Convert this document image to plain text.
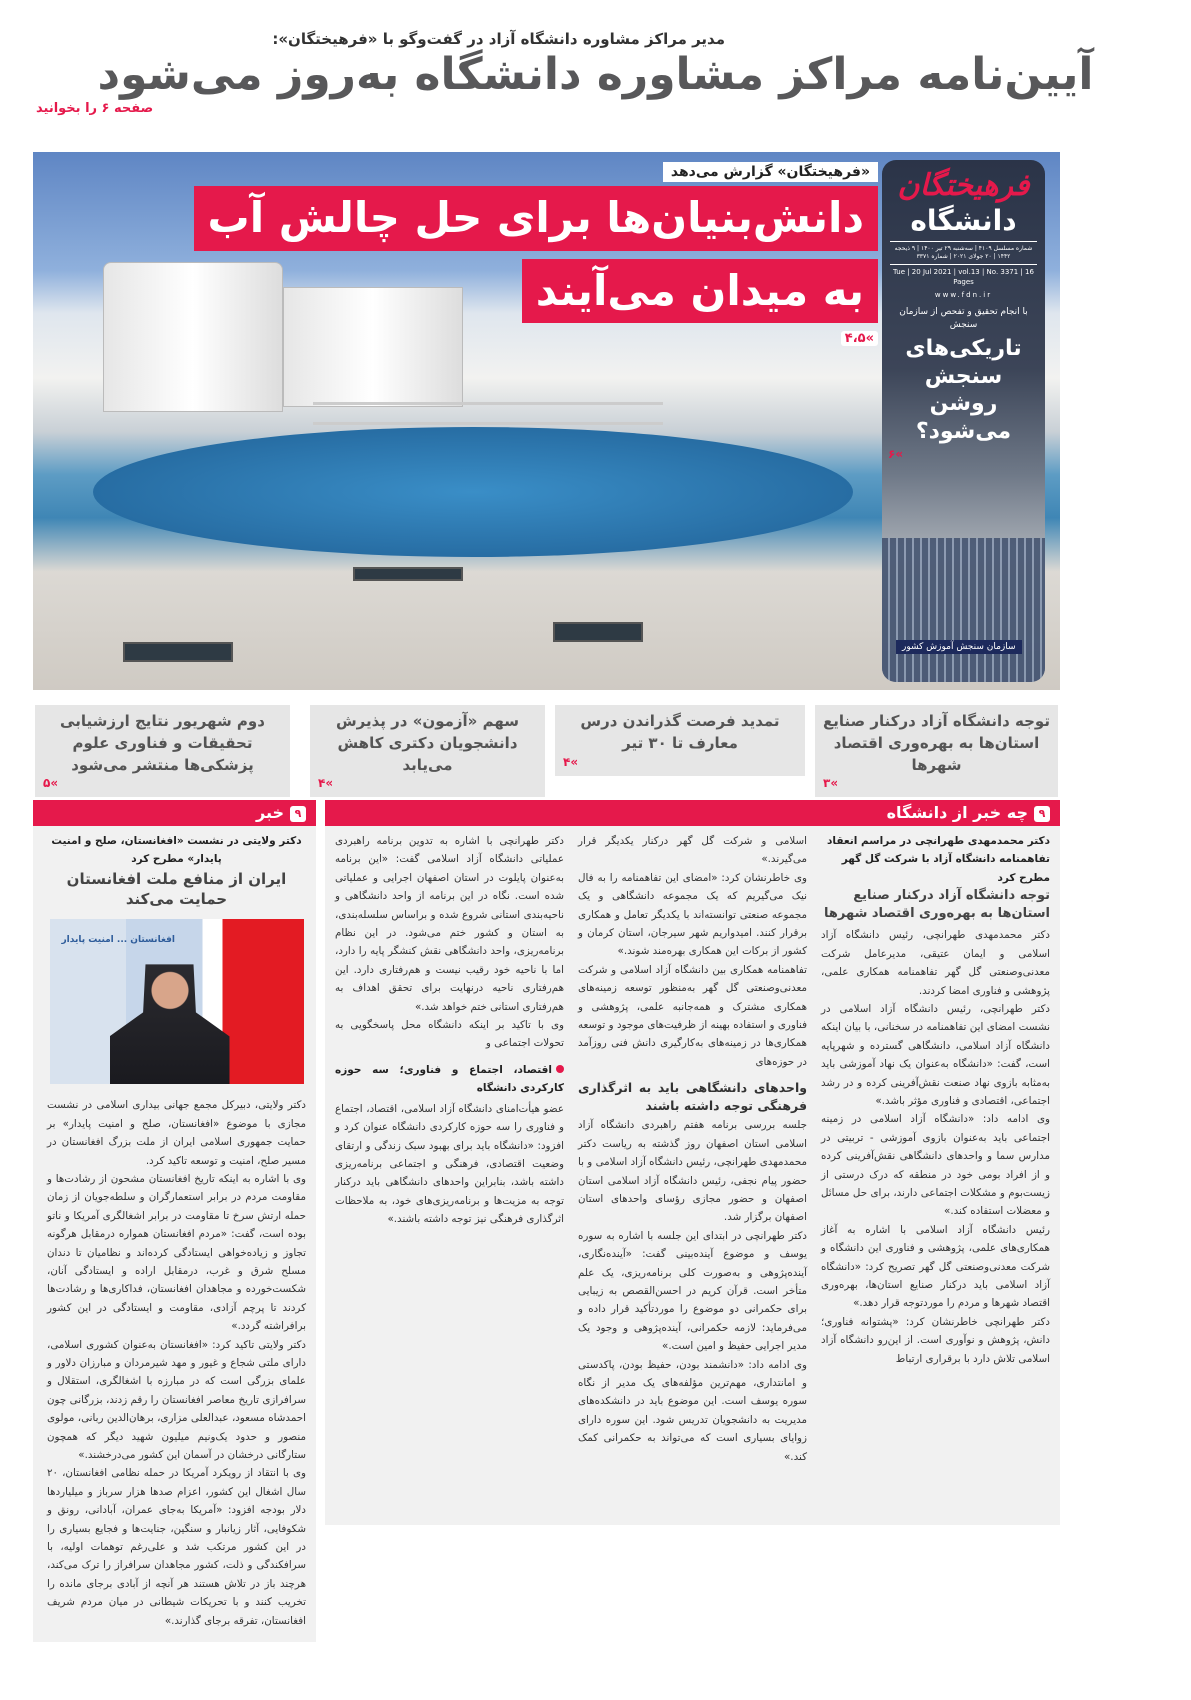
مدیر مراکز مشاوره دانشگاه آزاد در گفت‌وگو با «فرهیختگان»:
آیین‌نامه مراکز مشاوره دانشگاه به‌روز می‌شود
صفحه ۶ را بخوانید
«فرهیختگان» گزارش می‌دهد
دانش‌بنیان‌ها برای حل چالش آب
به میدان می‌آیند
»۴،۵
سازمان سنجش آموزش کشور
فرهیختگان
دانشگاه
شماره مسلسل ۴۱۰۹ | سه‌شنبه ۲۹ تیر ۱۴۰۰ | ۹ ذیحجه ۱۴۴۲ | ۲۰ جولای ۲۰۲۱ | شماره ۳۳۷۱
Tue | 20 Jul 2021 | vol.13 | No. 3371 | 16 Pages
www.fdn.ir
با انجام تحقیق و تفحص از سازمان سنجش
تاریکی‌های سنجش روشن می‌شود؟
»۶
توجه دانشگاه آزاد درکنار صنایع استان‌ها به بهره‌وری اقتصاد شهرها
»۳
تمدید فرصت گذراندن درس معارف تا ۳۰ تیر
»۴
سهم «آزمون» در پذیرش دانشجویان دکتری کاهش می‌یابد
»۴
دوم شهریور نتایج ارزشیابی تحقیقات و فناوری علوم پزشکی‌ها منتشر می‌شود
»۵
۹خبر

دکتر ولایتی در نشست «افغانستان، صلح و امنیت پایدار» مطرح کرد

ایران از منافع ملت افغانستان حمایت می‌کند

افغانستان ... امنیت پایدار

دکتر ولایتی، دبیرکل مجمع جهانی بیداری اسلامی در نشست مجازی با موضوع «افغانستان، صلح و امنیت پایدار» بر حمایت جمهوری اسلامی ایران از ملت بزرگ افغانستان در مسیر صلح، امنیت و توسعه تاکید کرد.

وی با اشاره به اینکه تاریخ افغانستان مشحون از رشادت‌ها و مقاومت مردم در برابر استعمارگران و سلطه‌جویان از زمان حمله ارتش سرخ تا مقاومت در برابر اشغالگری آمریکا و ناتو بوده است، گفت: «مردم افغانستان همواره درمقابل هرگونه تجاوز و زیاده‌خواهی ایستادگی کرده‌اند و نظامیان تا دندان مسلح شرق و غرب، درمقابل اراده و ایستادگی آنان، شکست‌خورده و مجاهدان افغانستان، فداکاری‌ها و رشادت‌ها کردند تا پرچم آزادی، مقاومت و ایستادگی در این کشور برافراشته گردد.»

دکتر ولایتی تاکید کرد: «افغانستان به‌عنوان کشوری اسلامی، دارای ملتی شجاع و غیور و مهد شیرمردان و مبارزان دلاور و علمای بزرگی است که در مبارزه با اشغالگری، استقلال و سرافرازی تاریخ معاصر افغانستان را رقم زدند، بزرگانی چون احمدشاه مسعود، عبدالعلی مزاری، برهان‌الدین ربانی، مولوی منصور و حدود یک‌ونیم میلیون شهید دیگر که همچون ستارگانی درخشان در آسمان این کشور می‌درخشند.»

وی با انتقاد از رویکرد آمریکا در حمله نظامی افغانستان، ۲۰ سال اشغال این کشور، اعزام صدها هزار سرباز و میلیاردها دلار بودجه افزود: «آمریکا به‌جای عمران، آبادانی، رونق و شکوفایی، آثار زیانبار و سنگین، جنایت‌ها و فجایع بسیاری را در این کشور مرتکب شد و علی‌رغم توهمات اولیه، با سرافکندگی و ذلت، کشور مجاهدان سرافراز را ترک می‌کند، هرچند باز در تلاش هستند هر آنچه از آبادی برجای مانده را تخریب کنند و با تحریکات شیطانی در میان مردم شریف افغانستان، تفرقه برجای گذارند.»

۹چه خبر از دانشگاه

دکتر محمدمهدی طهرانچی در مراسم انعقاد تفاهمنامه دانشگاه آزاد با شرکت گل گهر مطرح کرد

توجه دانشگاه آزاد درکنار صنایع استان‌ها به بهره‌وری اقتصاد شهرها

دکتر محمدمهدی طهرانچی، رئیس دانشگاه آزاد اسلامی و ایمان عتیقی، مدیرعامل شرکت معدنی‌وصنعتی گل گهر تفاهمنامه همکاری علمی، پژوهشی و فناوری امضا کردند.

دکتر طهرانچی، رئیس دانشگاه آزاد اسلامی در نشست امضای این تفاهمنامه در سخنانی، با بیان اینکه دانشگاه آزاد اسلامی، دانشگاهی گسترده و شهرپایه است، گفت: «دانشگاه به‌عنوان یک نهاد آموزشی باید به‌مثابه بازوی نهاد صنعت نقش‌آفرینی کرده و در رشد اجتماعی، اقتصادی و فناوری مؤثر باشد.»

وی ادامه داد: «دانشگاه آزاد اسلامی در زمینه اجتماعی باید به‌عنوان بازوی آموزشی - تربیتی در مدارس سما و واحدهای دانشگاهی نقش‌آفرینی کرده و از افراد بومی خود در منطقه که درک درستی از زیست‌بوم و مشکلات اجتماعی دارند، برای حل مسائل و معضلات استفاده کند.»

رئیس دانشگاه آزاد اسلامی با اشاره به آغاز همکاری‌های علمی، پژوهشی و فناوری این دانشگاه و شرکت معدنی‌وصنعتی گل گهر تصریح کرد: «دانشگاه آزاد اسلامی باید درکنار صنایع استان‌ها، بهره‌وری اقتصاد شهرها و مردم را موردتوجه قرار دهد.»

دکتر طهرانچی خاطرنشان کرد: «پشتوانه فناوری؛ دانش، پژوهش و نوآوری است. از این‌رو دانشگاه آزاد اسلامی تلاش دارد با برقراری ارتباط

اسلامی و شرکت گل گهر درکنار یکدیگر قرار می‌گیرند.»

وی خاطرنشان کرد: «امضای این تفاهمنامه را به فال نیک می‌گیریم که یک مجموعه دانشگاهی و یک مجموعه صنعتی توانسته‌اند با یکدیگر تعامل و همکاری برقرار کنند. امیدواریم شهر سیرجان، استان کرمان و کشور از برکات این همکاری بهره‌مند شوند.»

تفاهمنامه همکاری بین دانشگاه آزاد اسلامی و شرکت معدنی‌وصنعتی گل گهر به‌منظور توسعه زمینه‌های همکاری مشترک و همه‌جانبه علمی، پژوهشی و فناوری و استفاده بهینه از ظرفیت‌های موجود و توسعه همکاری‌ها در زمینه‌های به‌کارگیری دانش فنی روزآمد در حوزه‌های

واحدهای دانشگاهی باید به اثرگذاری فرهنگی توجه داشته باشند

جلسه بررسی برنامه هفتم راهبردی دانشگاه آزاد اسلامی استان اصفهان روز گذشته به ریاست دکتر محمدمهدی طهرانچی، رئیس دانشگاه آزاد اسلامی و با حضور پیام نجفی، رئیس دانشگاه آزاد اسلامی استان اصفهان و حضور مجازی رؤسای واحدهای استان اصفهان برگزار شد.

دکتر طهرانچی در ابتدای این جلسه با اشاره به سوره یوسف و موضوع آینده‌بینی گفت: «آینده‌نگاری، آینده‌پژوهی و به‌صورت کلی برنامه‌ریزی، یک علم متأخر است. قرآن کریم در احسن‌القصص به زیبایی برای حکمرانی دو موضوع را موردتأکید قرار داده و می‌فرماید: لازمه حکمرانی، آینده‌پژوهی و وجود یک مدیر اجرایی حفیظ و امین است.»

وی ادامه داد: «دانشمند بودن، حفیظ بودن، پاکدستی و امانتداری، مهم‌ترین مؤلفه‌های یک مدیر از نگاه سوره یوسف است. این موضوع باید در دانشکده‌های مدیریت به دانشجویان تدریس شود. این سوره دارای زوایای بسیاری است که می‌تواند به حکمرانی کمک کند.»

دکتر طهرانچی با اشاره به تدوین برنامه راهبردی عملیاتی دانشگاه آزاد اسلامی گفت: «این برنامه به‌عنوان پایلوت در استان اصفهان اجرایی و عملیاتی شده است. نگاه در این برنامه از واحد دانشگاهی و ناحیه‌بندی استانی شروع شده و براساس سلسله‌بندی، به استان و کشور ختم می‌شود. در این نظام برنامه‌ریزی، واحد دانشگاهی نقش کنشگر پایه را دارد، اما با ناحیه خود رقیب نیست و هم‌رفتاری دارد. این هم‌رفتاری ناحیه درنهایت برای تحقق اهداف به هم‌رفتاری استانی ختم خواهد شد.»

وی با تاکید بر اینکه دانشگاه محل پاسخگویی به تحولات اجتماعی و

اقتصاد، اجتماع و فناوری؛ سه حوزه کارکردی دانشگاه

عضو هیأت‌امنای دانشگاه آزاد اسلامی، اقتصاد، اجتماع و فناوری را سه حوزه کارکردی دانشگاه عنوان کرد و افزود: «دانشگاه باید برای بهبود سبک زندگی و ارتقای وضعیت اقتصادی، فرهنگی و اجتماعی برنامه‌ریزی داشته باشد، بنابراین واحدهای دانشگاهی باید درکنار توجه به مزیت‌ها و برنامه‌ریزی‌های خود، به ملاحظات اثرگذاری فرهنگی نیز توجه داشته باشند.»
